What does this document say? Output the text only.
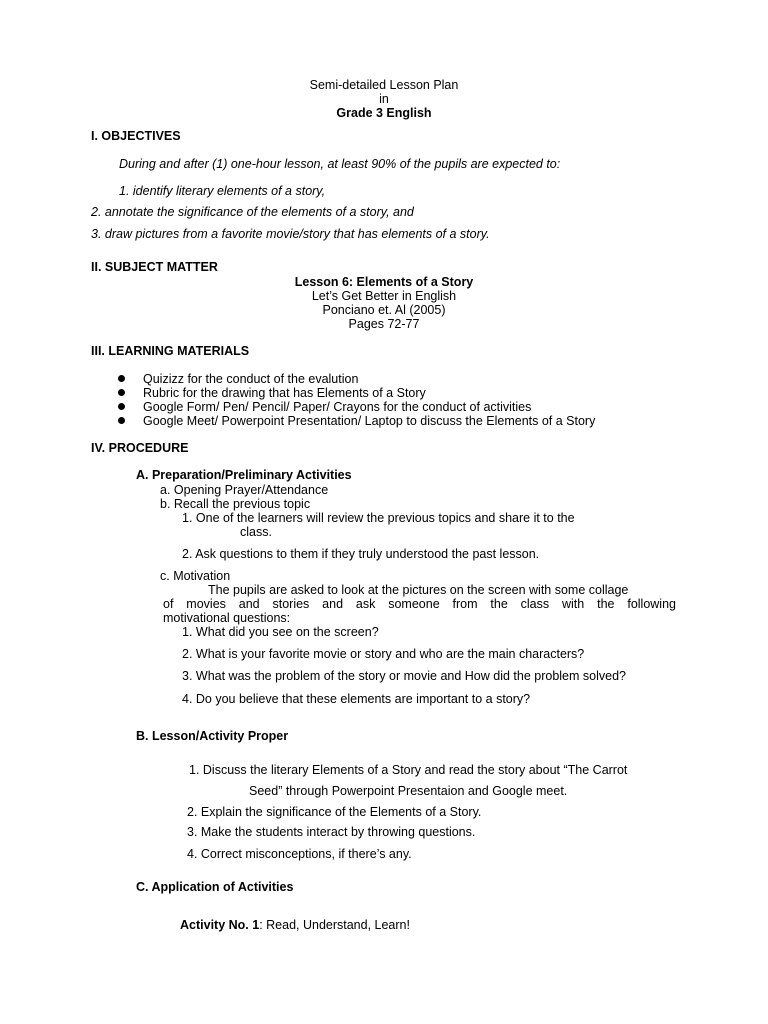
Semi-detailed Lesson Plan
in
Grade 3 English
I. OBJECTIVES
During and after (1) one-hour lesson, at least 90% of the pupils are expected to:
1. identify literary elements of a story,
2. annotate the significance of the elements of a story, and
3. draw pictures from a favorite movie/story that has elements of a story.
II. SUBJECT MATTER
Lesson 6: Elements of a Story
Let’s Get Better in English
Ponciano et. Al (2005)
Pages 72-77
III. LEARNING MATERIALS
Quizizz for the conduct of the evalution
Rubric for the drawing that has Elements of a Story
Google Form/ Pen/ Pencil/ Paper/ Crayons for the conduct of activities
Google Meet/ Powerpoint Presentation/ Laptop to discuss the Elements of a Story
IV. PROCEDURE
A. Preparation/Preliminary Activities
a. Opening Prayer/Attendance
b. Recall the previous topic
1. One of the learners will review the previous topics and share it to the
class.
2. Ask questions to them if they truly understood the past lesson.
c. Motivation
The pupils are asked to look at the pictures on the screen with some collage
of movies and stories and ask someone from the class with the following
motivational questions:
1. What did you see on the screen?
2. What is your favorite movie or story and who are the main characters?
3. What was the problem of the story or movie and How did the problem solved?
4. Do you believe that these elements are important to a story?
B. Lesson/Activity Proper
1. Discuss the literary Elements of a Story and read the story about “The Carrot
Seed” through Powerpoint Presentaion and Google meet.
2. Explain the significance of the Elements of a Story.
3. Make the students interact by throwing questions.
4. Correct misconceptions, if there’s any.
C. Application of Activities
Activity No. 1: Read, Understand, Learn!
